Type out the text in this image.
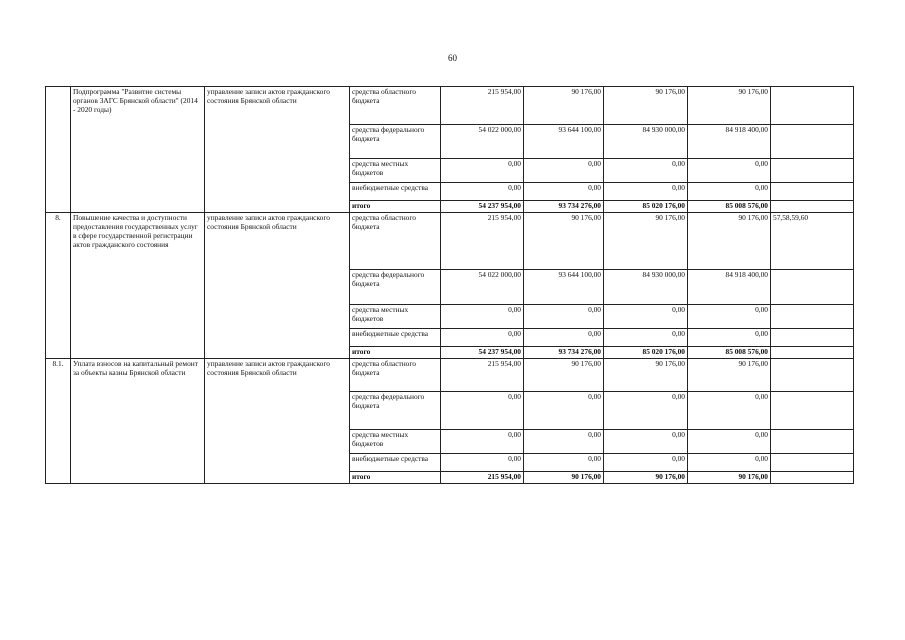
60
	Подпрограмма "Развитие системы органов ЗАГС Брянской области" (2014 - 2020 годы)	управление записи актов гражданского состояния Брянской области	средства областного бюджета	215 954,00	90 176,00	90 176,00	90 176,00	
			средства федерального бюджета	54 022 000,00	93 644 100,00	84 930 000,00	84 918 400,00	
			средства местных бюджетов	0,00	0,00	0,00	0,00	
			внебюджетные средства	0,00	0,00	0,00	0,00	
			итого	54 237 954,00	93 734 276,00	85 020 176,00	85 008 576,00	
8.	Повышение качества и доступности предоставления государственных услуг в сфере государственной регистрации актов гражданского состояния	управление записи актов гражданского состояния Брянской области	средства областного бюджета	215 954,00	90 176,00	90 176,00	90 176,00	57,58,59,60
			средства федерального бюджета	54 022 000,00	93 644 100,00	84 930 000,00	84 918 400,00	
			средства местных бюджетов	0,00	0,00	0,00	0,00	
			внебюджетные средства	0,00	0,00	0,00	0,00	
			итого	54 237 954,00	93 734 276,00	85 020 176,00	85 008 576,00	
8.1.	Уплата взносов на капитальный ремонт за объекты казны Брянской области	управление записи актов гражданского состояния Брянской области	средства областного бюджета	215 954,00	90 176,00	90 176,00	90 176,00	
			средства федерального бюджета	0,00	0,00	0,00	0,00	
			средства местных бюджетов	0,00	0,00	0,00	0,00	
			внебюджетные средства	0,00	0,00	0,00	0,00	
			итого	215 954,00	90 176,00	90 176,00	90 176,00	
